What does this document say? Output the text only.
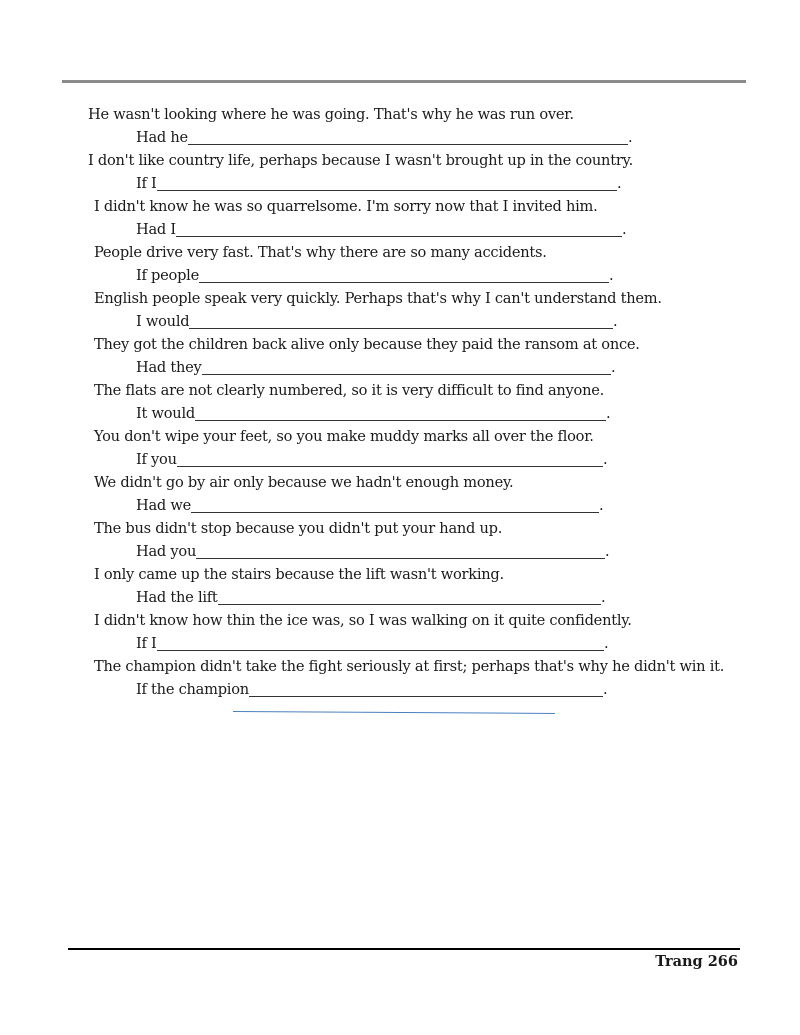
He wasn't looking where he was going. That's why he was run over.
Had he	.
I don't like country life, perhaps because I wasn't brought up in the country.
If I	.
I didn't know he was so quarrelsome. I'm sorry now that I invited him.
Had I	.
People drive very fast. That's why there are so many accidents.
If people	.
English people speak very quickly. Perhaps that's why I can't understand them.
I would	.
They got the children back alive only because they paid the ransom at once.
Had they	.
The flats are not clearly numbered, so it is very difficult to find anyone.
It would	.
You don't wipe your feet, so you make muddy marks all over the floor.
If you	.
We didn't go by air only because we hadn't enough money.
Had we	.
The bus didn't stop because you didn't put your hand up.
Had you	.
I only came up the stairs because the lift wasn't working.
Had the lift	.
I didn't know how thin the ice was, so I was walking on it quite confidently.
If I	.
The champion didn't take the fight seriously at first; perhaps that's why he didn't win it.
If the champion	.
Trang 266
